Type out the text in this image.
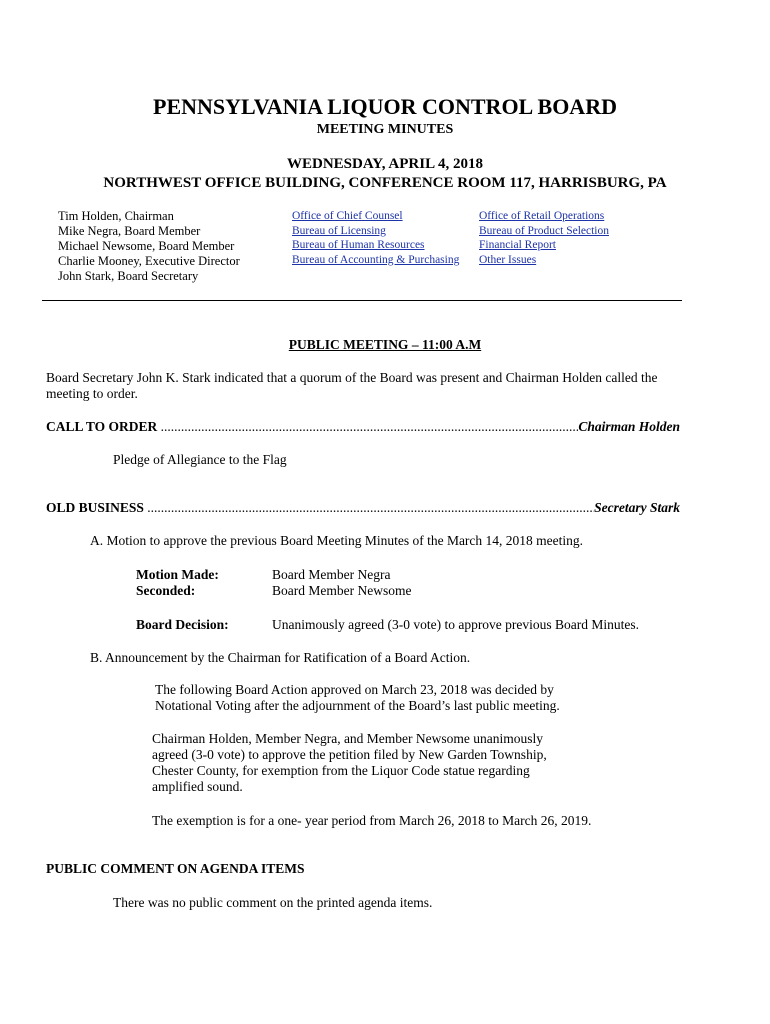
PENNSYLVANIA LIQUOR CONTROL BOARD
MEETING MINUTES
WEDNESDAY, APRIL 4, 2018
NORTHWEST OFFICE BUILDING, CONFERENCE ROOM 117, HARRISBURG, PA
Tim Holden, Chairman
Mike Negra, Board Member
Michael Newsome, Board Member
Charlie Mooney, Executive Director
John Stark, Board Secretary
Office of Chief Counsel
Bureau of Licensing
Bureau of Human Resources
Bureau of Accounting & Purchasing
Office of Retail Operations
Bureau of Product Selection
Financial Report
Other Issues
PUBLIC MEETING – 11:00 A.M
Board Secretary John K. Stark indicated that a quorum of the Board was present and Chairman Holden called the meeting to order.
CALL TO ORDER .....	Chairman Holden
Pledge of Allegiance to the Flag
OLD BUSINESS .....	Secretary Stark
A. Motion to approve the previous Board Meeting Minutes of the March 14, 2018 meeting.
Motion Made:	Board Member Negra
Seconded:	Board Member Newsome
Board Decision:	Unanimously agreed (3-0 vote) to approve previous Board Minutes.
B. Announcement by the Chairman for Ratification of a Board Action.
The following Board Action approved on March 23, 2018 was decided by Notational Voting after the adjournment of the Board’s last public meeting.
Chairman Holden, Member Negra, and Member Newsome unanimously agreed (3-0 vote) to approve the petition filed by New Garden Township, Chester County, for exemption from the Liquor Code statue regarding amplified sound.
The exemption is for a one- year period from March 26, 2018 to March 26, 2019.
PUBLIC COMMENT ON AGENDA ITEMS
There was no public comment on the printed agenda items.
